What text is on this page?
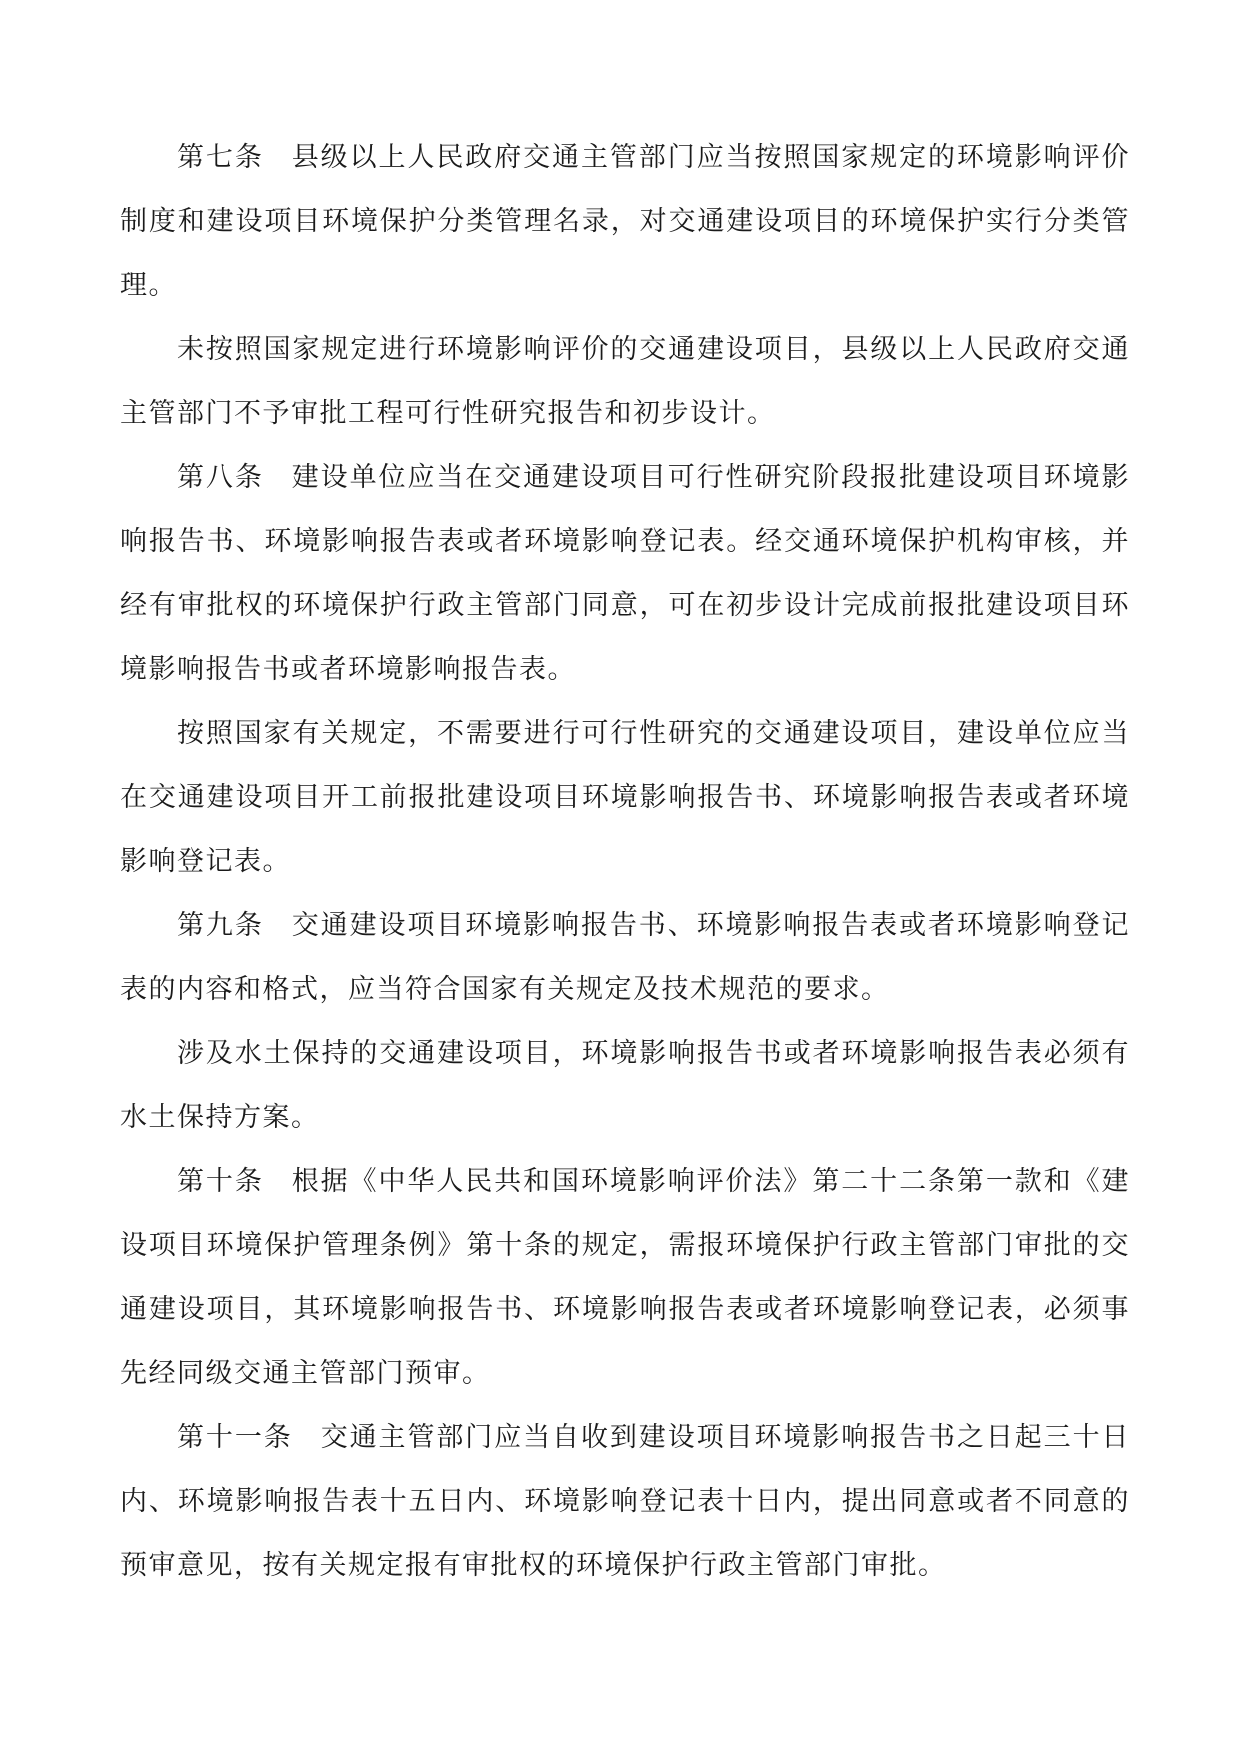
第七条 县级以上人民政府交通主管部门应当按照国家规定的环境影响评价制度和建设项目环境保护分类管理名录，对交通建设项目的环境保护实行分类管理。

未按照国家规定进行环境影响评价的交通建设项目，县级以上人民政府交通主管部门不予审批工程可行性研究报告和初步设计。

第八条 建设单位应当在交通建设项目可行性研究阶段报批建设项目环境影响报告书、环境影响报告表或者环境影响登记表。经交通环境保护机构审核，并经有审批权的环境保护行政主管部门同意，可在初步设计完成前报批建设项目环境影响报告书或者环境影响报告表。

按照国家有关规定，不需要进行可行性研究的交通建设项目，建设单位应当在交通建设项目开工前报批建设项目环境影响报告书、环境影响报告表或者环境影响登记表。

第九条 交通建设项目环境影响报告书、环境影响报告表或者环境影响登记表的内容和格式，应当符合国家有关规定及技术规范的要求。

涉及水土保持的交通建设项目，环境影响报告书或者环境影响报告表必须有水土保持方案。

第十条 根据《中华人民共和国环境影响评价法》第二十二条第一款和《建设项目环境保护管理条例》第十条的规定，需报环境保护行政主管部门审批的交通建设项目，其环境影响报告书、环境影响报告表或者环境影响登记表，必须事先经同级交通主管部门预审。

第十一条 交通主管部门应当自收到建设项目环境影响报告书之日起三十日内、环境影响报告表十五日内、环境影响登记表十日内，提出同意或者不同意的预审意见，按有关规定报有审批权的环境保护行政主管部门审批。
